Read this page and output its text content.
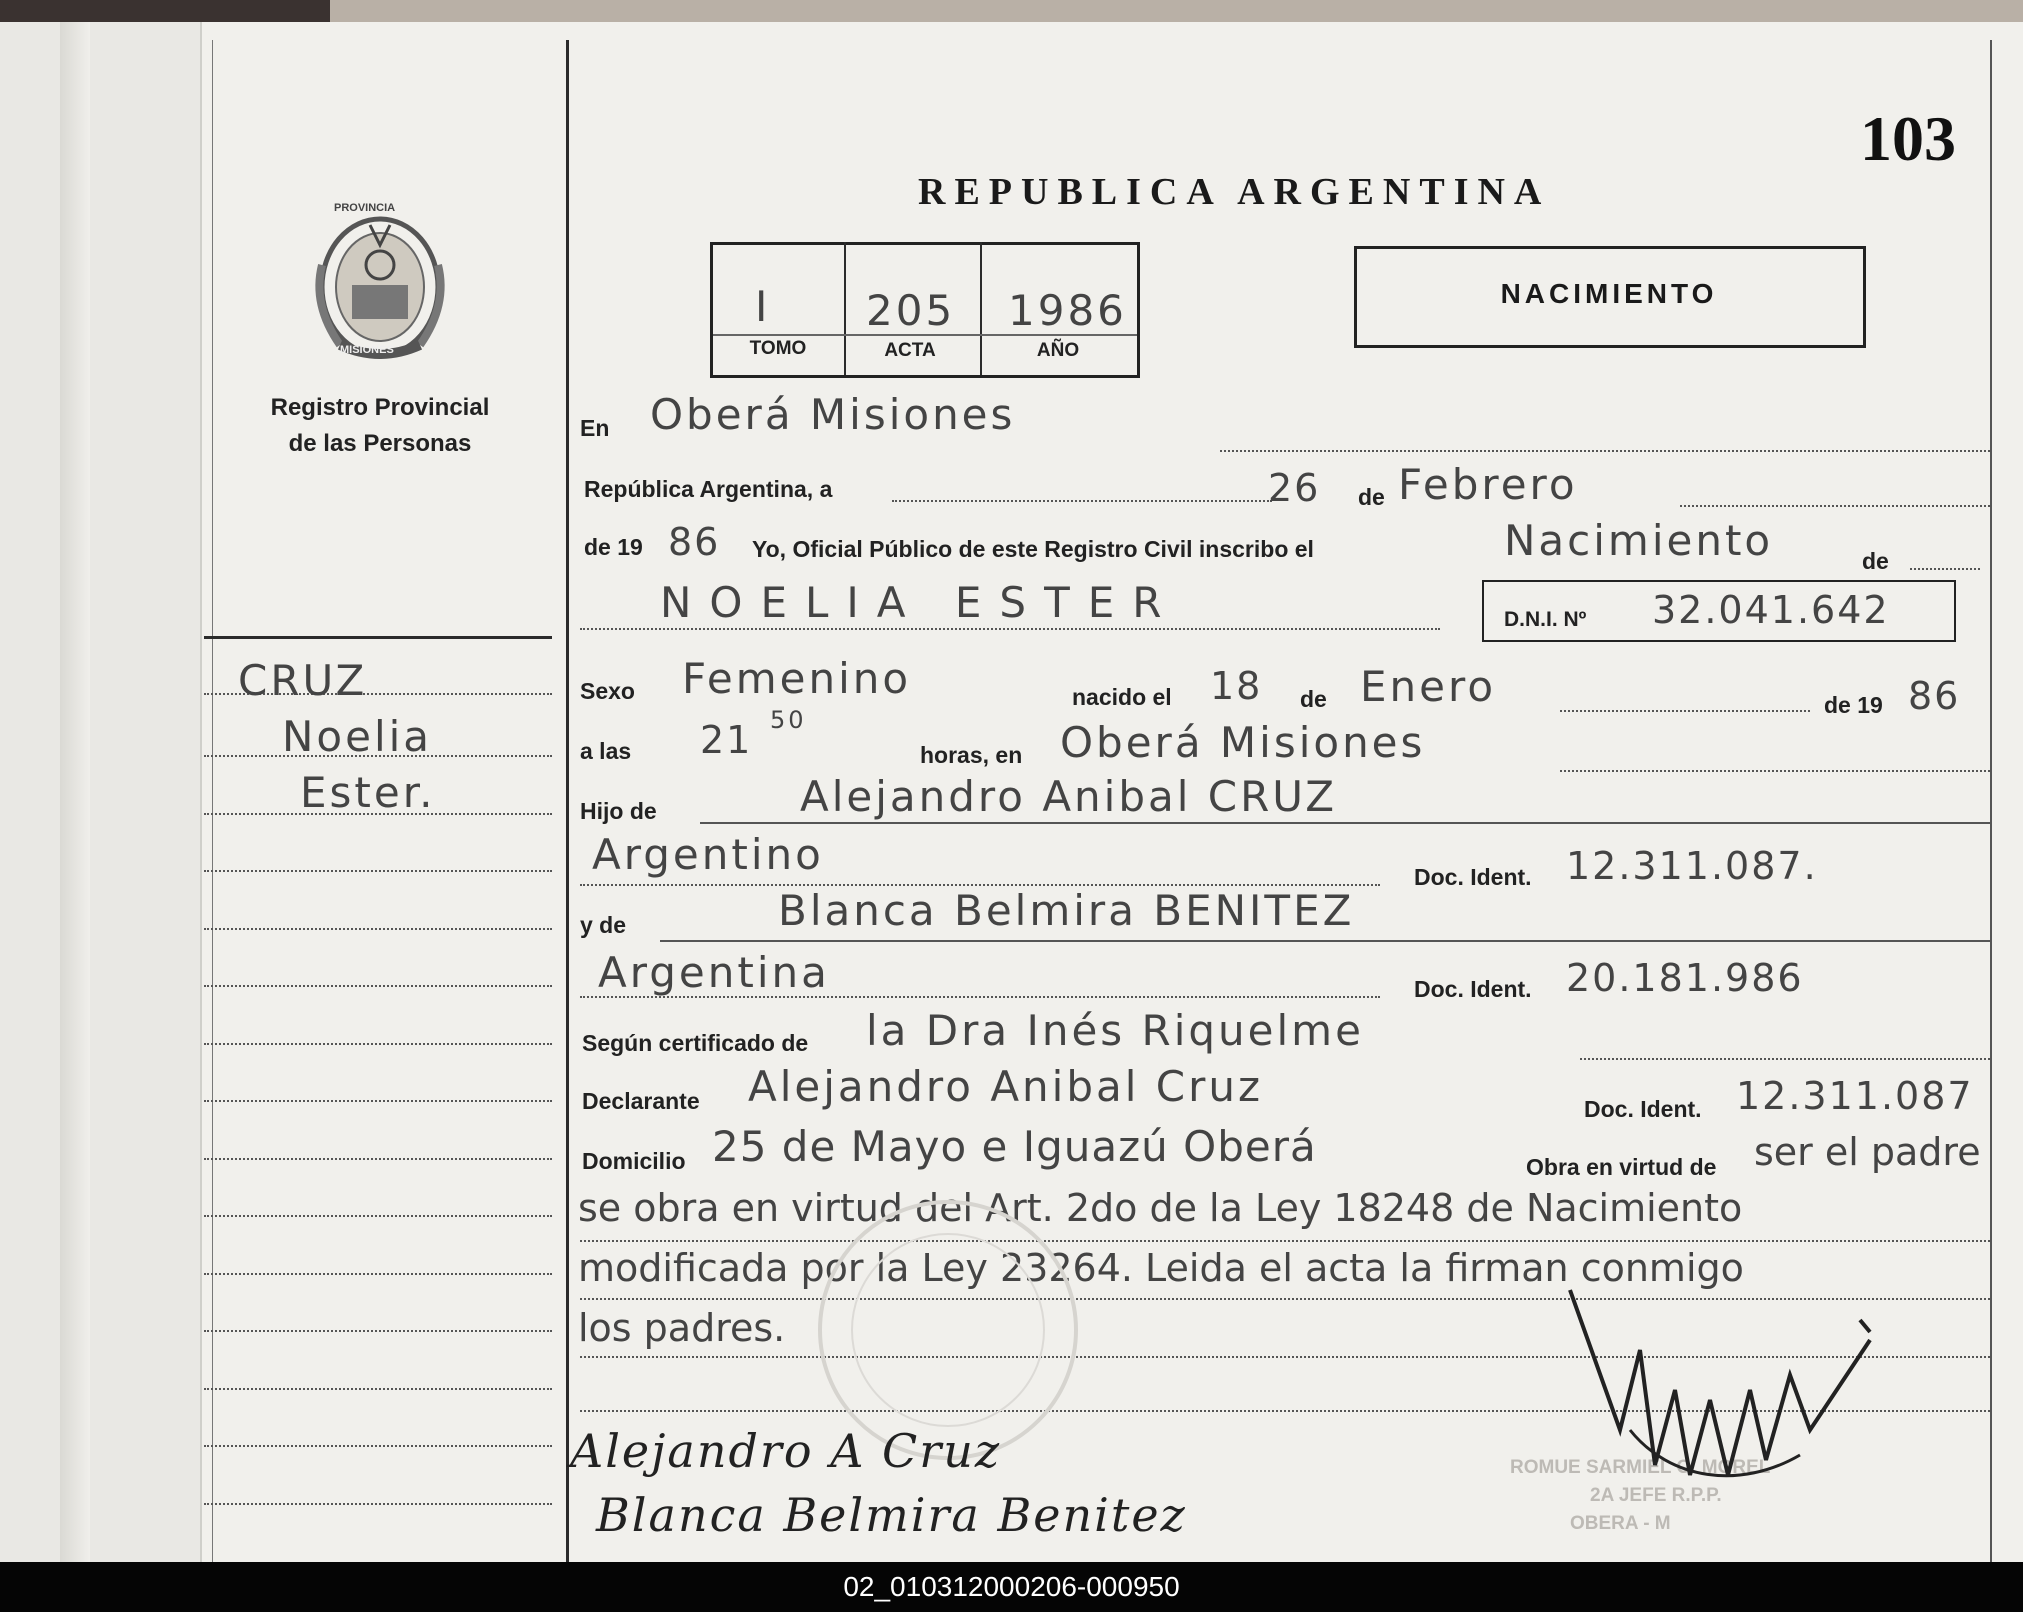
PROVINCIA
MISIONES
Registro Provincial
de las Personas
CRUZ
Noelia
Ester.
103
REPUBLICA ARGENTINA
I 205 1986
TOMO	ACTA	AÑO
NACIMIENTO
En Oberá Misiones
República Argentina, a	26 de Febrero
de 19 86 Yo, Oficial Público de este Registro Civil inscribo el	Nacimiento	de
NOELIA ESTER	D.N.I. Nº 32.041.642
Sexo Femenino	nacido el 18 de Enero	de 19 86
a las 21 50
horas, en Oberá Misiones
Hijo de	Alejandro Anibal CRUZ
Argentino	Doc. Ident. 12.311.087.
y de	Blanca Belmira BENITEZ
Argentina	Doc. Ident. 20.181.986
Según certificado de la Dra Inés Riquelme
Declarante Alejandro Anibal Cruz	Doc. Ident. 12.311.087
Domicilio 25 de Mayo e Iguazú Oberá	Obra en virtud de ser el padre
se obra en virtud del Art. 2do de la Ley 18248 de Nacimiento
modificada por la Ley 23264. Leida el acta la firman conmigo
los padres.
ROMUE SARMIEL O. MOREL
2A JEFE R.P.P.
OBERA - M
Alejandro A Cruz
Blanca Belmira Benitez
02_010312000206-000950
